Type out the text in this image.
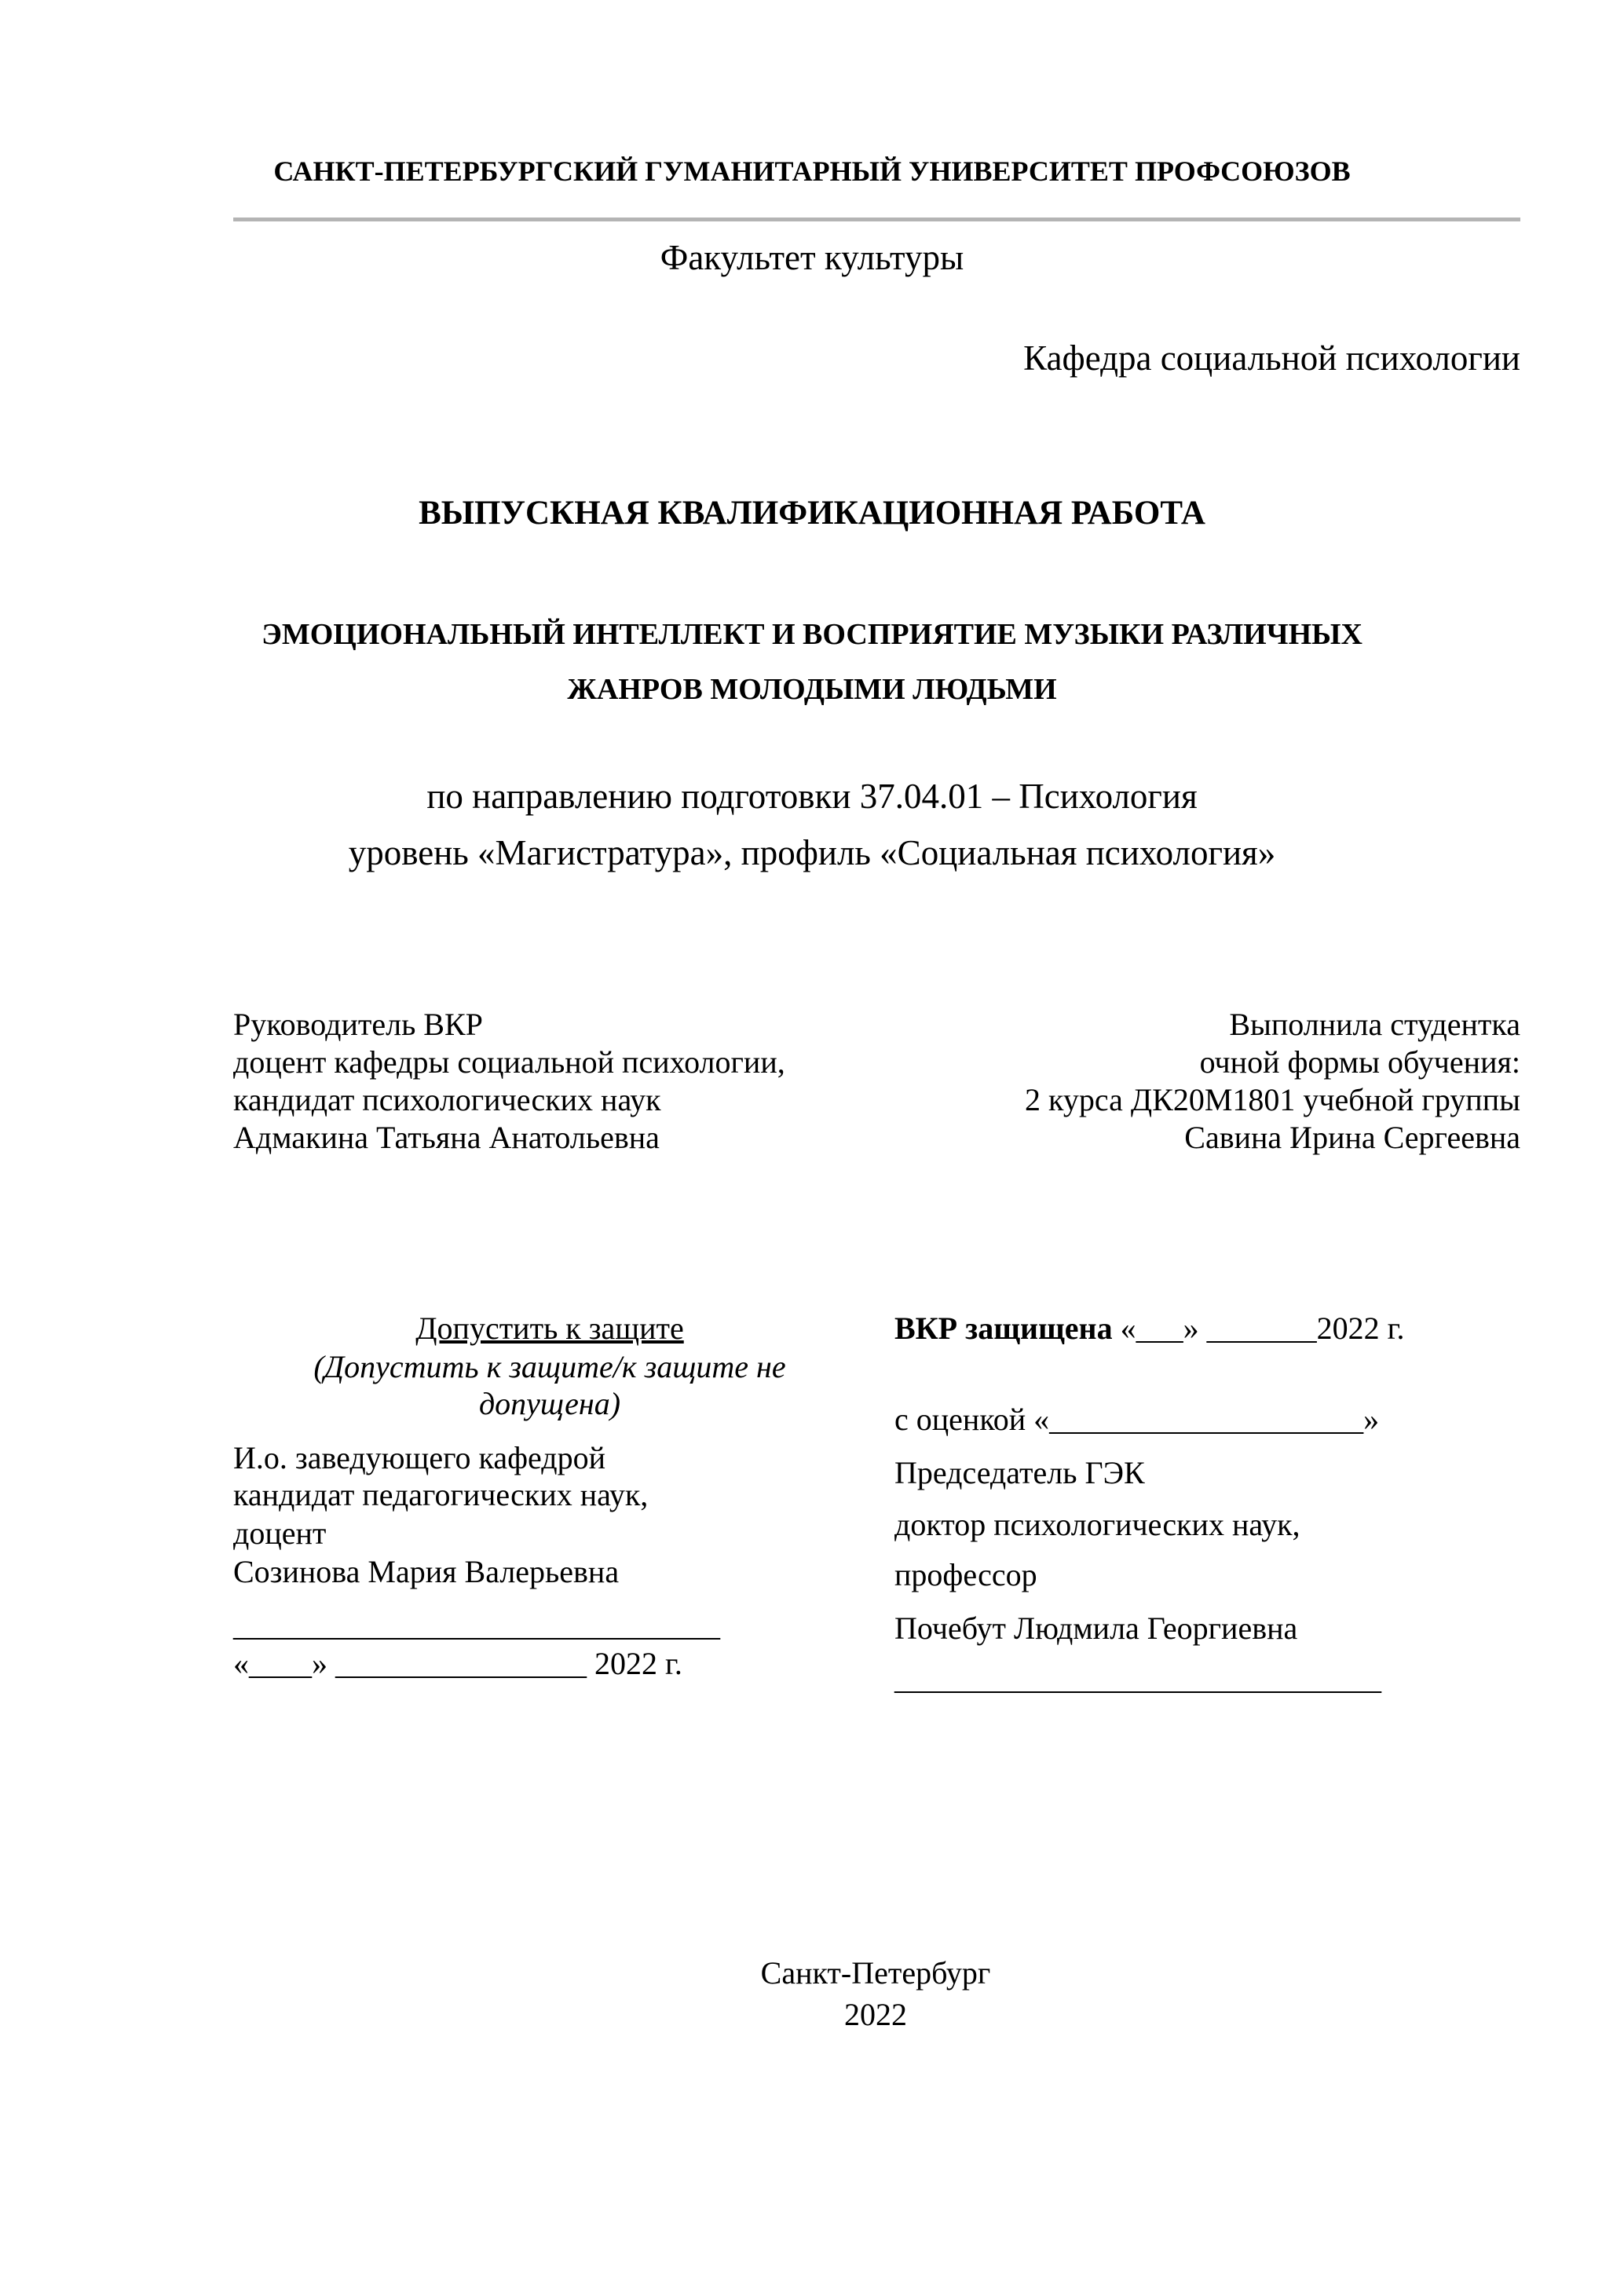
САНКТ-ПЕТЕРБУРГСКИЙ ГУМАНИТАРНЫЙ УНИВЕРСИТЕТ ПРОФСОЮЗОВ
Факультет культуры
Кафедра социальной психологии
ВЫПУСКНАЯ КВАЛИФИКАЦИОННАЯ РАБОТА
ЭМОЦИОНАЛЬНЫЙ ИНТЕЛЛЕКТ И ВОСПРИЯТИЕ МУЗЫКИ РАЗЛИЧНЫХ
ЖАНРОВ МОЛОДЫМИ ЛЮДЬМИ
по направлению подготовки 37.04.01 – Психология
уровень «Магистратура», профиль «Социальная психология»
Руководитель ВКР
доцент кафедры социальной психологии,
кандидат психологических наук
Адмакина Татьяна Анатольевна
Выполнила студентка
очной формы обучения:
2 курса ДК20М1801 учебной группы
Савина Ирина Сергеевна
Допустить к защите
(Допустить к защите/к защите не
допущена)
И.о. заведующего кафедрой
кандидат педагогических наук,
доцент
Созинова Мария Валерьевна
_______________________________
«____» ________________ 2022 г.
ВКР защищена «___» _______2022 г.
с оценкой «____________________»
Председатель ГЭК
доктор психологических наук,
профессор
Почебут Людмила Георгиевна
_______________________________
Санкт-Петербург
2022
